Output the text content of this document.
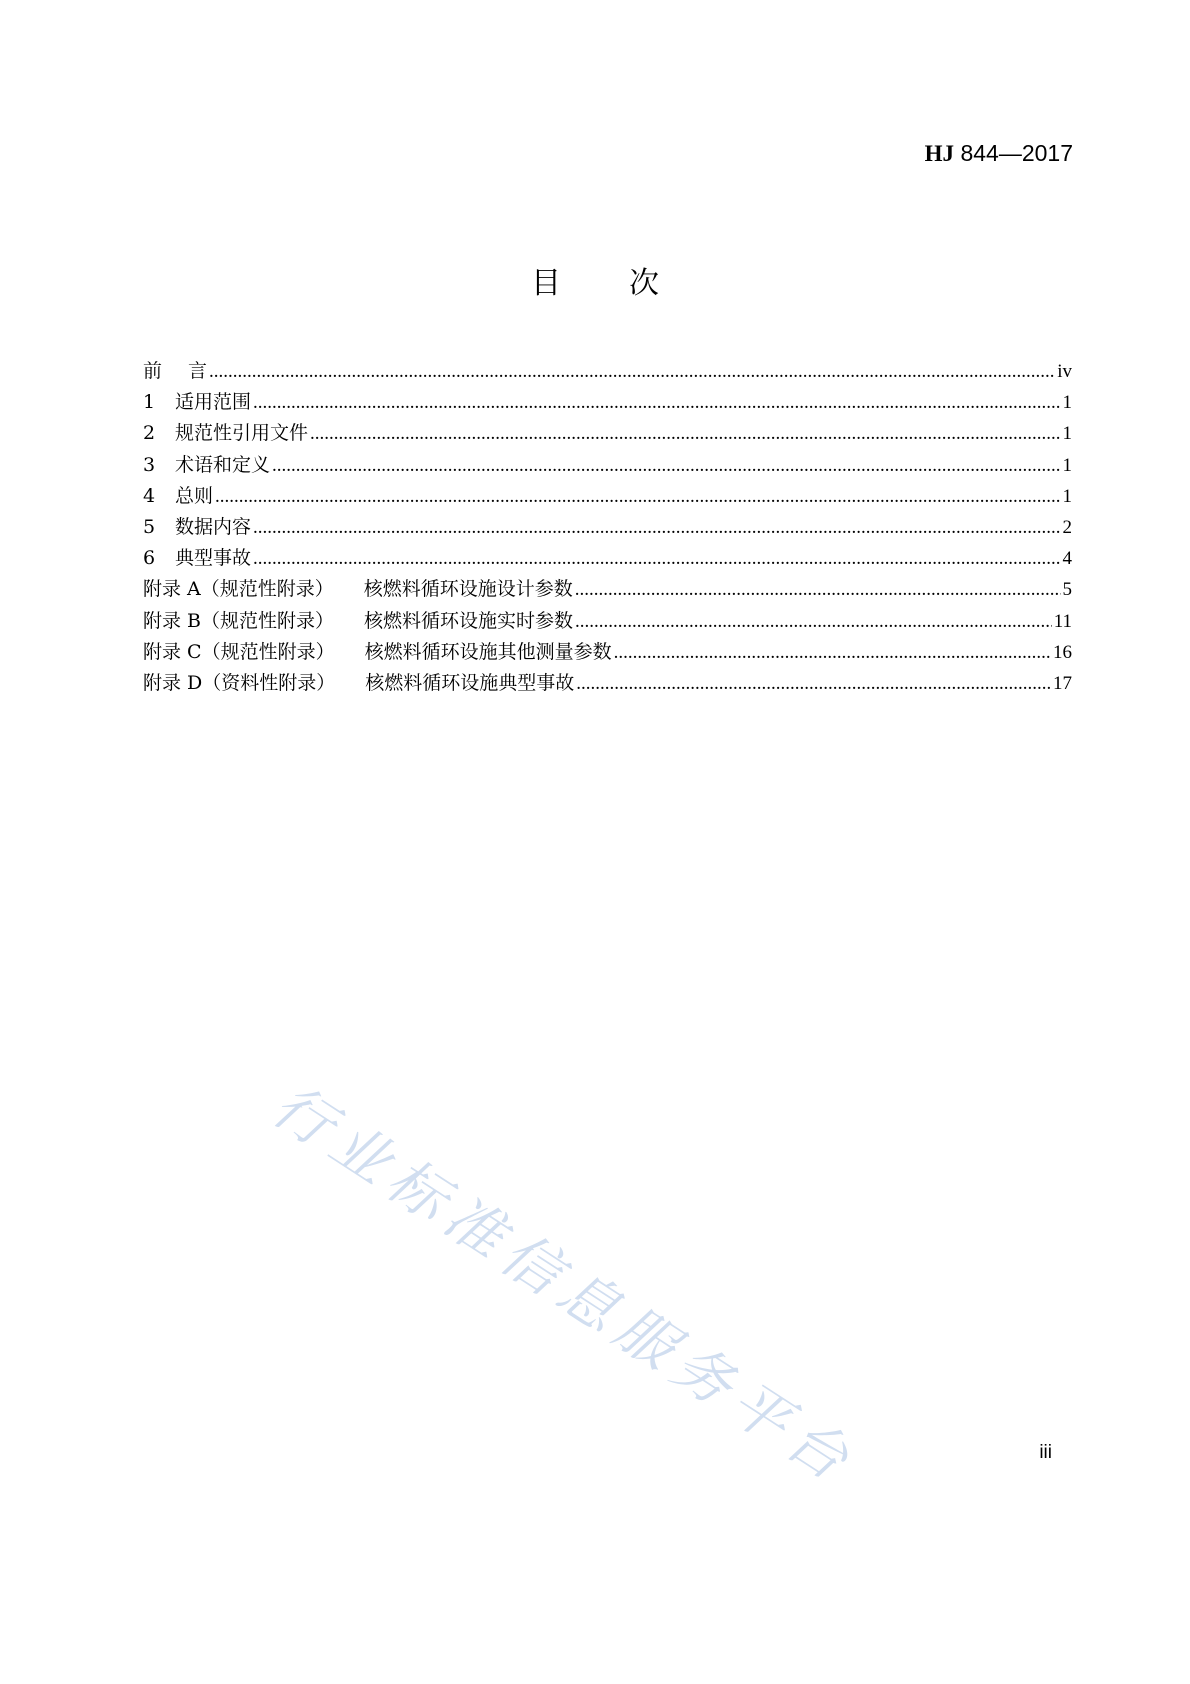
HJ 844—2017
目次
前 言 .....	iv
1 适用范围 .....	1
2 规范性引用文件 .....	1
3 术语和定义 .....	1
4 总则 .....	1
5 数据内容 .....	2
6 典型事故 .....	4
附录 A（规范性附录） 核燃料循环设施设计参数 .....	5
附录 B（规范性附录） 核燃料循环设施实时参数 .....	11
附录 C（规范性附录） 核燃料循环设施其他测量参数 .....	16
附录 D（资料性附录） 核燃料循环设施典型事故 .....	17
行业标准信息服务平台	iii
